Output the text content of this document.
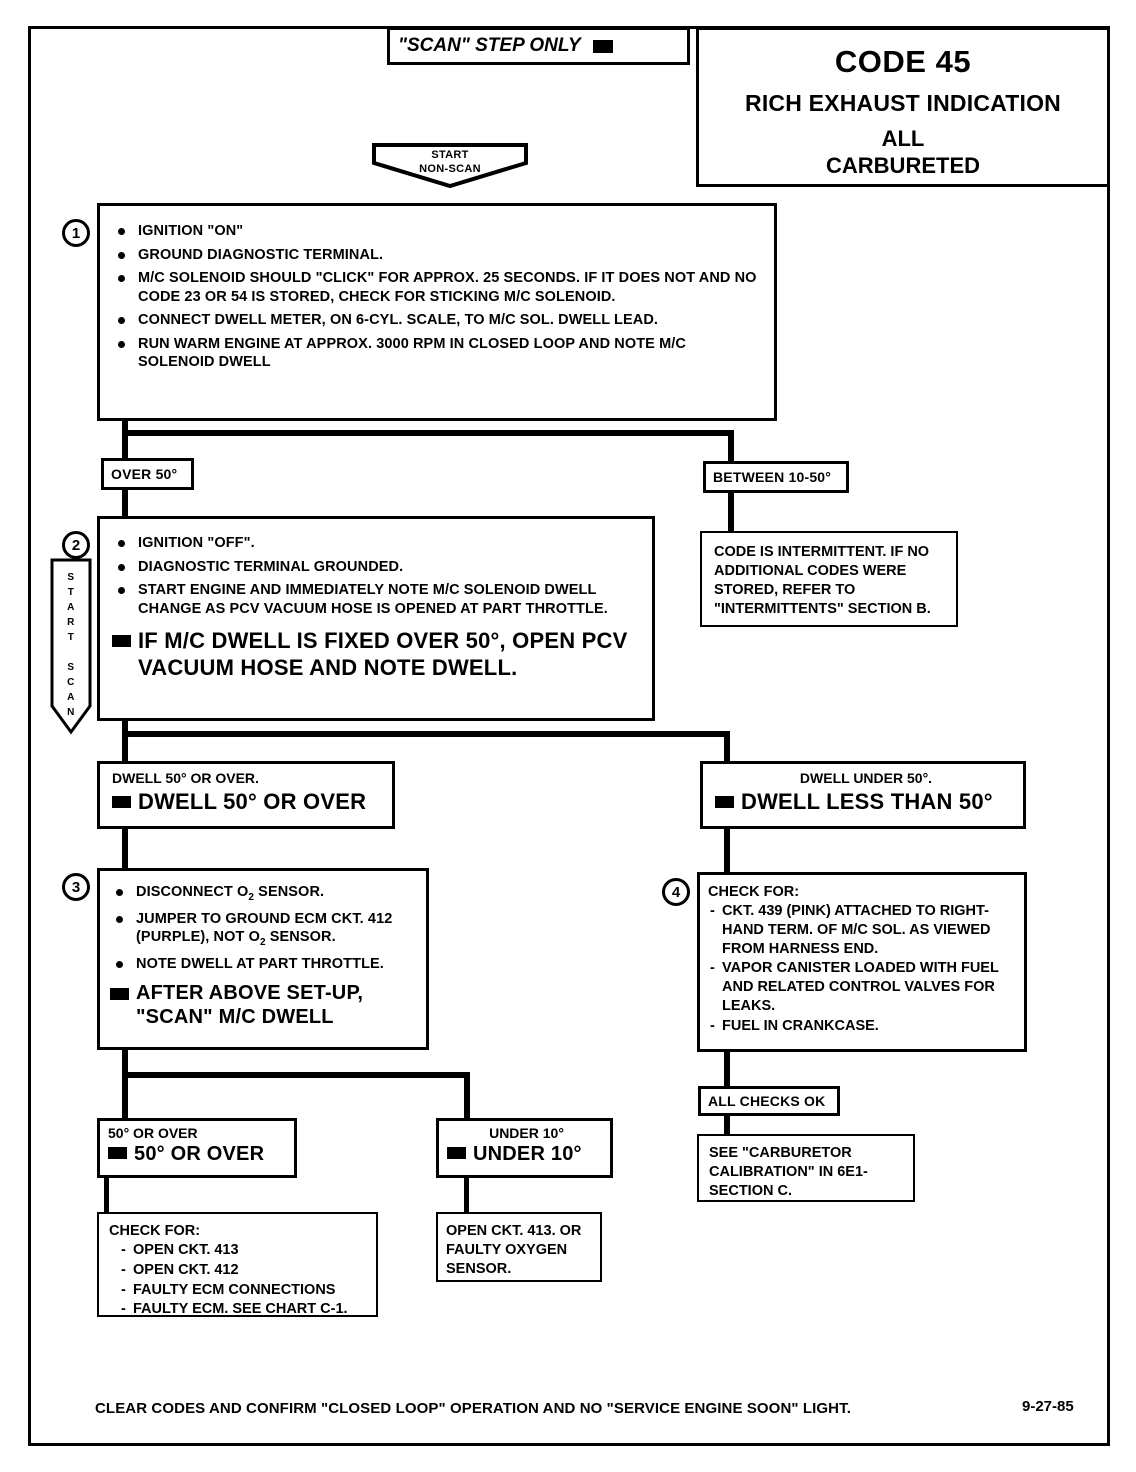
"SCAN" STEP ONLY	CODE 45
RICH EXHAUST INDICATION
ALL
CARBURETED
START
NON-SCAN
1	IGNITION "ON"
GROUND DIAGNOSTIC TERMINAL.
M/C SOLENOID SHOULD "CLICK" FOR APPROX. 25 SECONDS. IF IT DOES NOT AND NO CODE 23 OR 54 IS STORED, CHECK FOR STICKING M/C SOLENOID.
CONNECT DWELL METER, ON 6-CYL. SCALE, TO M/C SOL. DWELL LEAD.
RUN WARM ENGINE AT APPROX. 3000 RPM IN CLOSED LOOP AND NOTE M/C SOLENOID DWELL
OVER 50°	BETWEEN 10-50°
CODE IS INTERMITTENT. IF NO ADDITIONAL CODES WERE STORED, REFER TO "INTERMITTENTS" SECTION B.
S
T
A
R
T

S
C
A
N
2	IGNITION "OFF".
DIAGNOSTIC TERMINAL GROUNDED.
START ENGINE AND IMMEDIATELY NOTE M/C SOLENOID DWELL CHANGE AS PCV VACUUM HOSE IS OPENED AT PART THROTTLE.
IF M/C DWELL IS FIXED OVER 50°, OPEN PCV VACUUM HOSE AND NOTE DWELL.
DWELL 50° OR OVER.
DWELL 50° OR OVER
DWELL UNDER 50°.
DWELL LESS THAN 50°
3	DISCONNECT $O_2$ SENSOR.
JUMPER TO GROUND ECM CKT. 412 (PURPLE), NOT $O_2$ SENSOR.
NOTE DWELL AT PART THROTTLE.
AFTER ABOVE SET-UP, "SCAN" M/C DWELL
4	CHECK FOR:
- CKT. 439 (PINK) ATTACHED TO RIGHT-HAND TERM. OF M/C SOL. AS VIEWED FROM HARNESS END.
- VAPOR CANISTER LOADED WITH FUEL AND RELATED CONTROL VALVES FOR LEAKS.
- FUEL IN CRANKCASE.
ALL CHECKS OK
SEE "CARBURETOR CALIBRATION" IN 6E1-SECTION C.
50° OR OVER
50° OR OVER
UNDER 10°
UNDER 10°
CHECK FOR:
- OPEN CKT. 413
- OPEN CKT. 412
- FAULTY ECM CONNECTIONS
- FAULTY ECM. SEE CHART C-1.
OPEN CKT. 413. OR FAULTY OXYGEN SENSOR.
CLEAR CODES AND CONFIRM "CLOSED LOOP" OPERATION AND NO "SERVICE ENGINE SOON" LIGHT.	9-27-85
